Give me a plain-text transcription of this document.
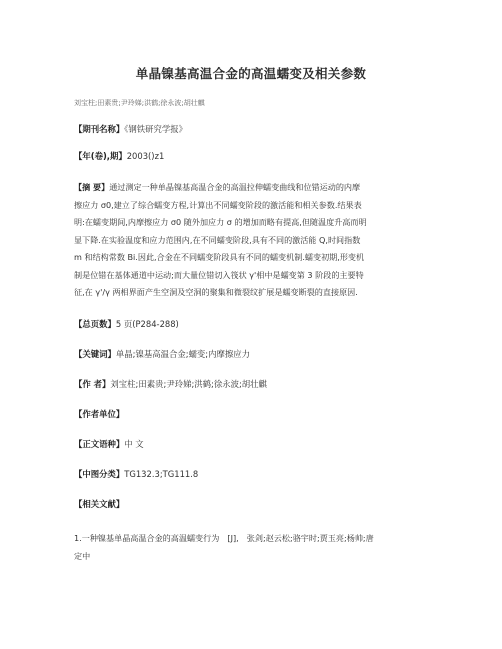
单晶镍基高温合金的高温蠕变及相关参数
刘宝柱;田素贵;尹玲娣;洪鹤;徐永波;胡壮麒
【期刊名称】《钢铁研究学报》
【年(卷),期】2003()z1
【摘 要】通过测定一种单晶镍基高温合金的高温拉伸蠕变曲线和位错运动的内摩
擦应力 σ0,建立了综合蠕变方程,计算出不同蠕变阶段的激活能和相关参数.结果表
明:在蠕变期间,内摩擦应力 σ0 随外加应力 σ 的增加而略有提高,但随温度升高而明
显下降.在实验温度和应力范围内,在不同蠕变阶段,具有不同的激活能 Q,时间指数
m 和结构常数 Bi.因此,合金在不同蠕变阶段具有不同的蠕变机制.蠕变初期,形变机
制是位错在基体通道中运动;而大量位错切入筏状 γ'相中是蠕变第 3 阶段的主要特
征,在 γ'/γ 两相界面产生空洞及空洞的聚集和微裂纹扩展是蠕变断裂的直接原因.
【总页数】5 页(P284-288)
【关键词】单晶;镍基高温合金;蠕变;内摩擦应力
【作 者】刘宝柱;田素贵;尹玲娣;洪鹤;徐永波;胡壮麒
【作者单位】
【正文语种】中 文
【中图分类】TG132.3;TG111.8
【相关文献】
1.一种镍基单晶高温合金的高温蠕变行为　[J],　张剑;赵云松;骆宇时;贾玉亮;杨帅;唐
定中
